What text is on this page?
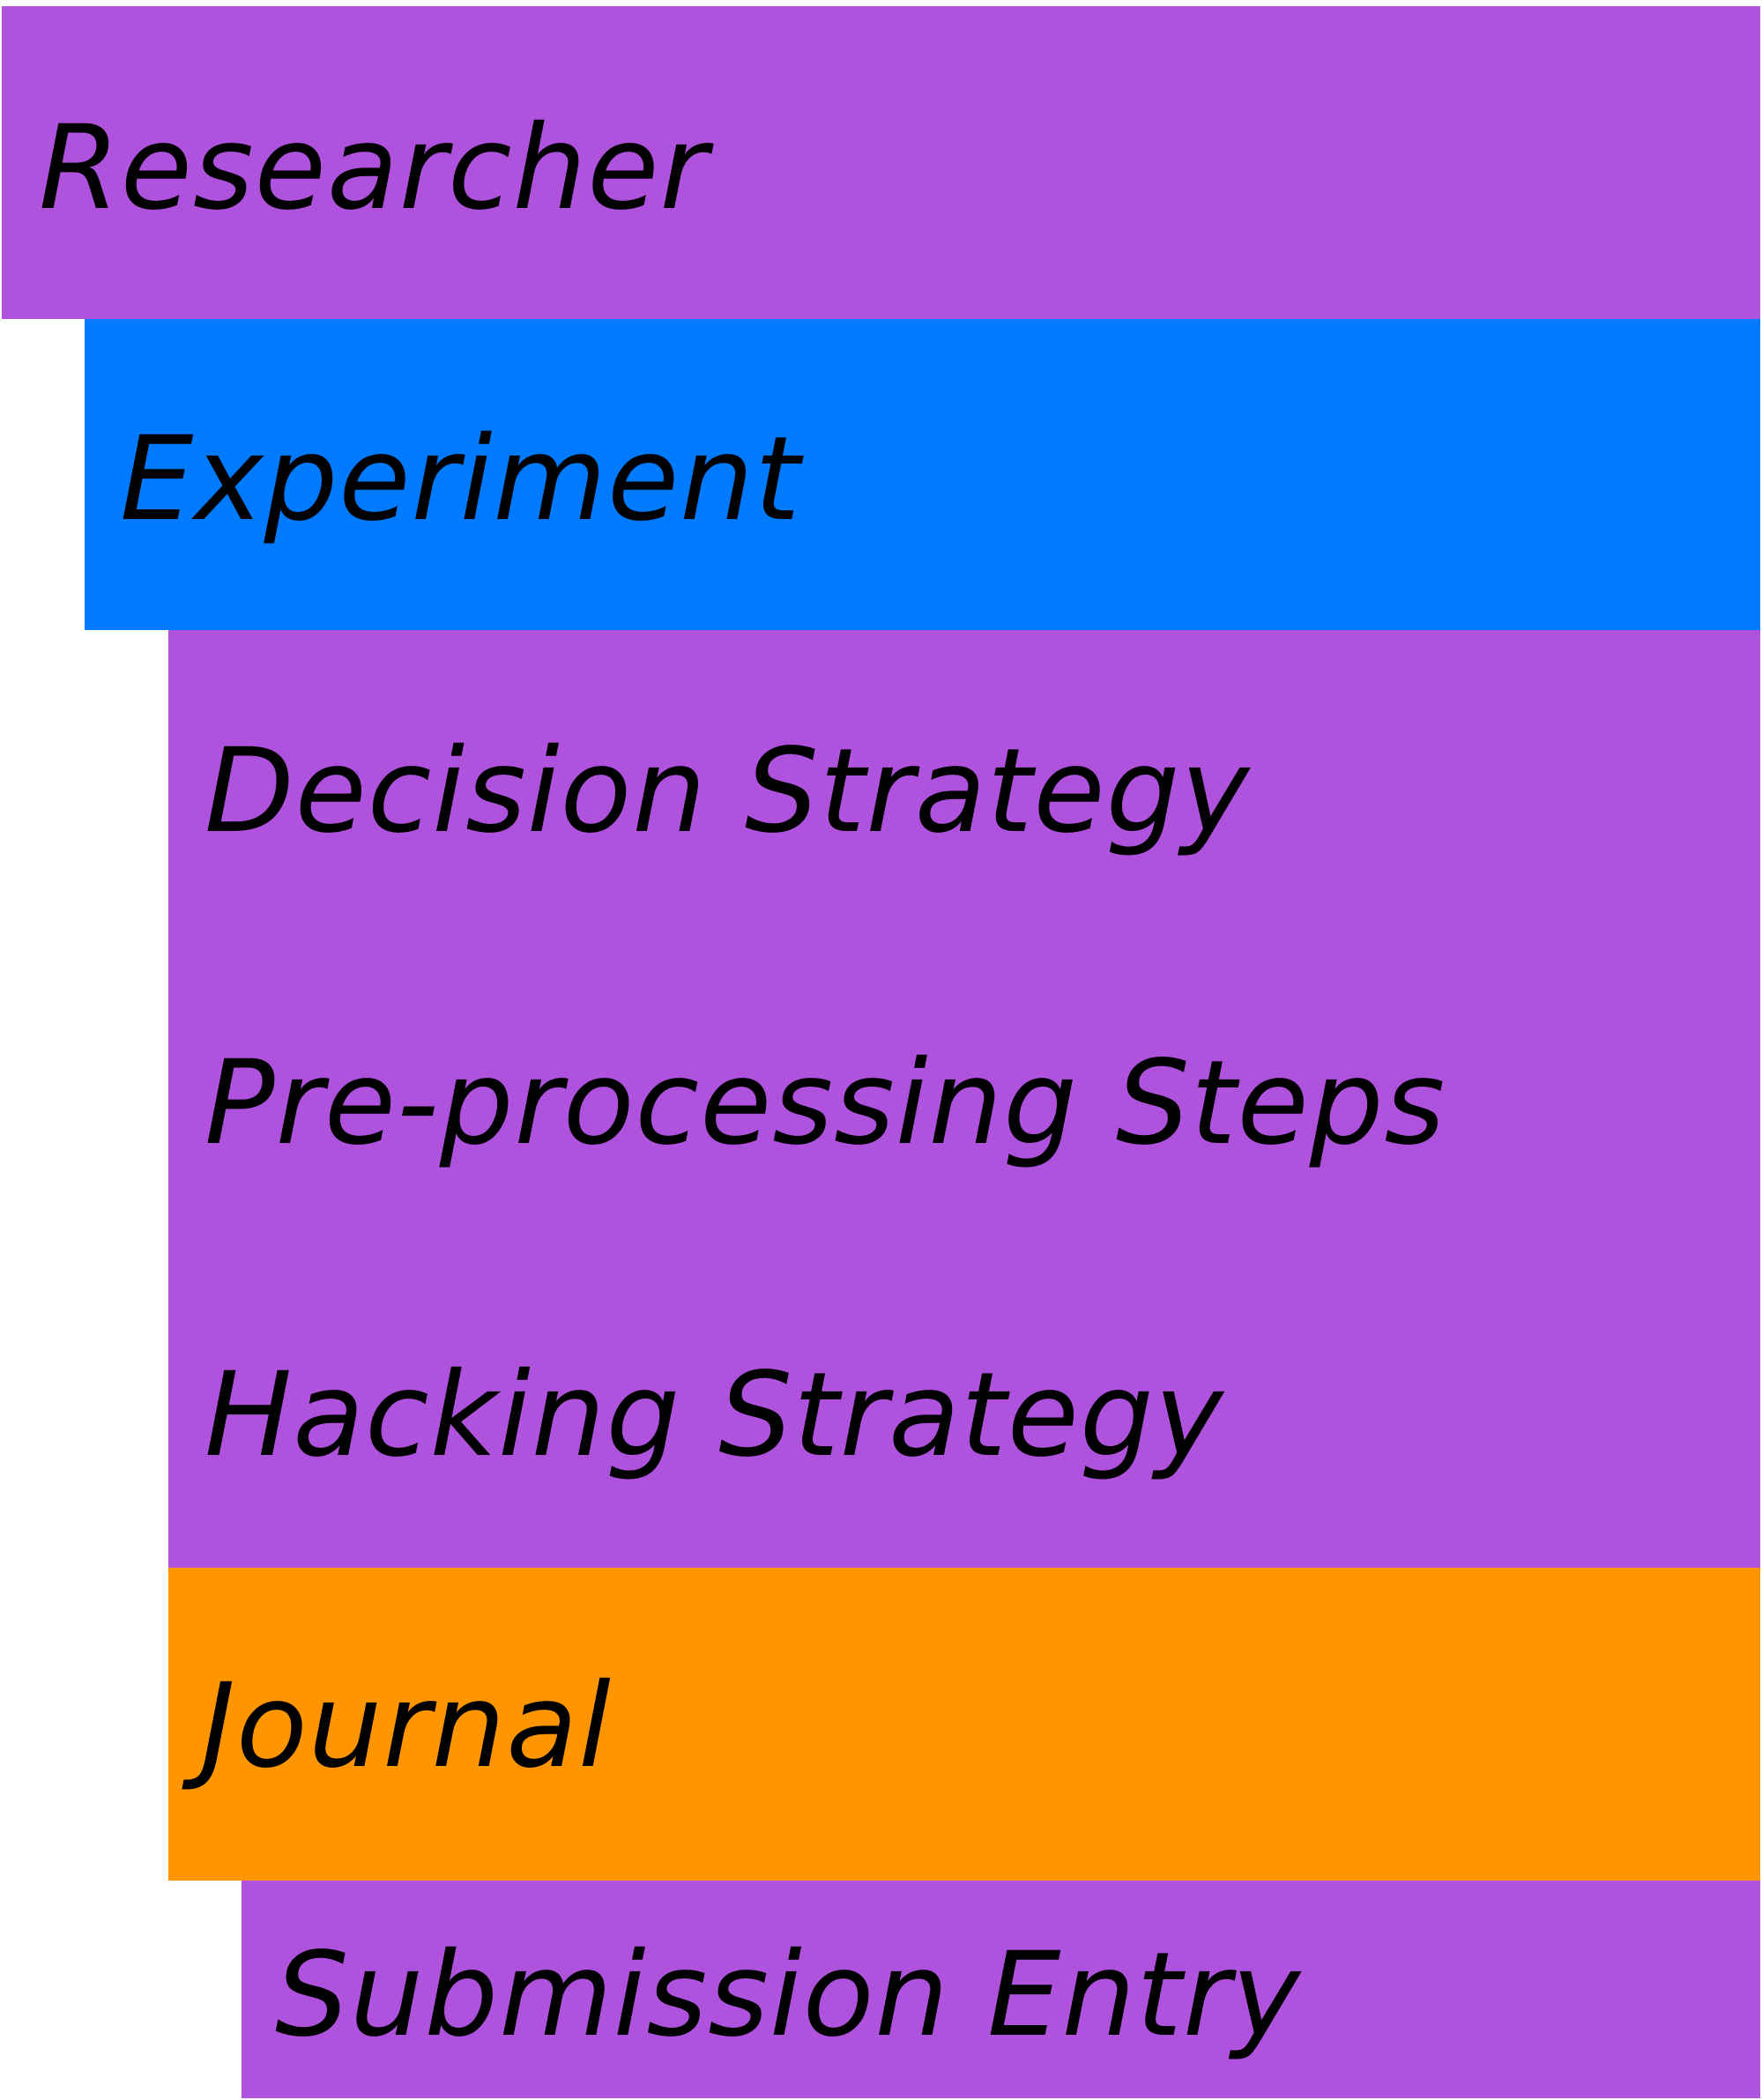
Researcher
Experiment
Decision Strategy
Pre-processing Steps
Hacking Strategy
Journal
Submission Entry
